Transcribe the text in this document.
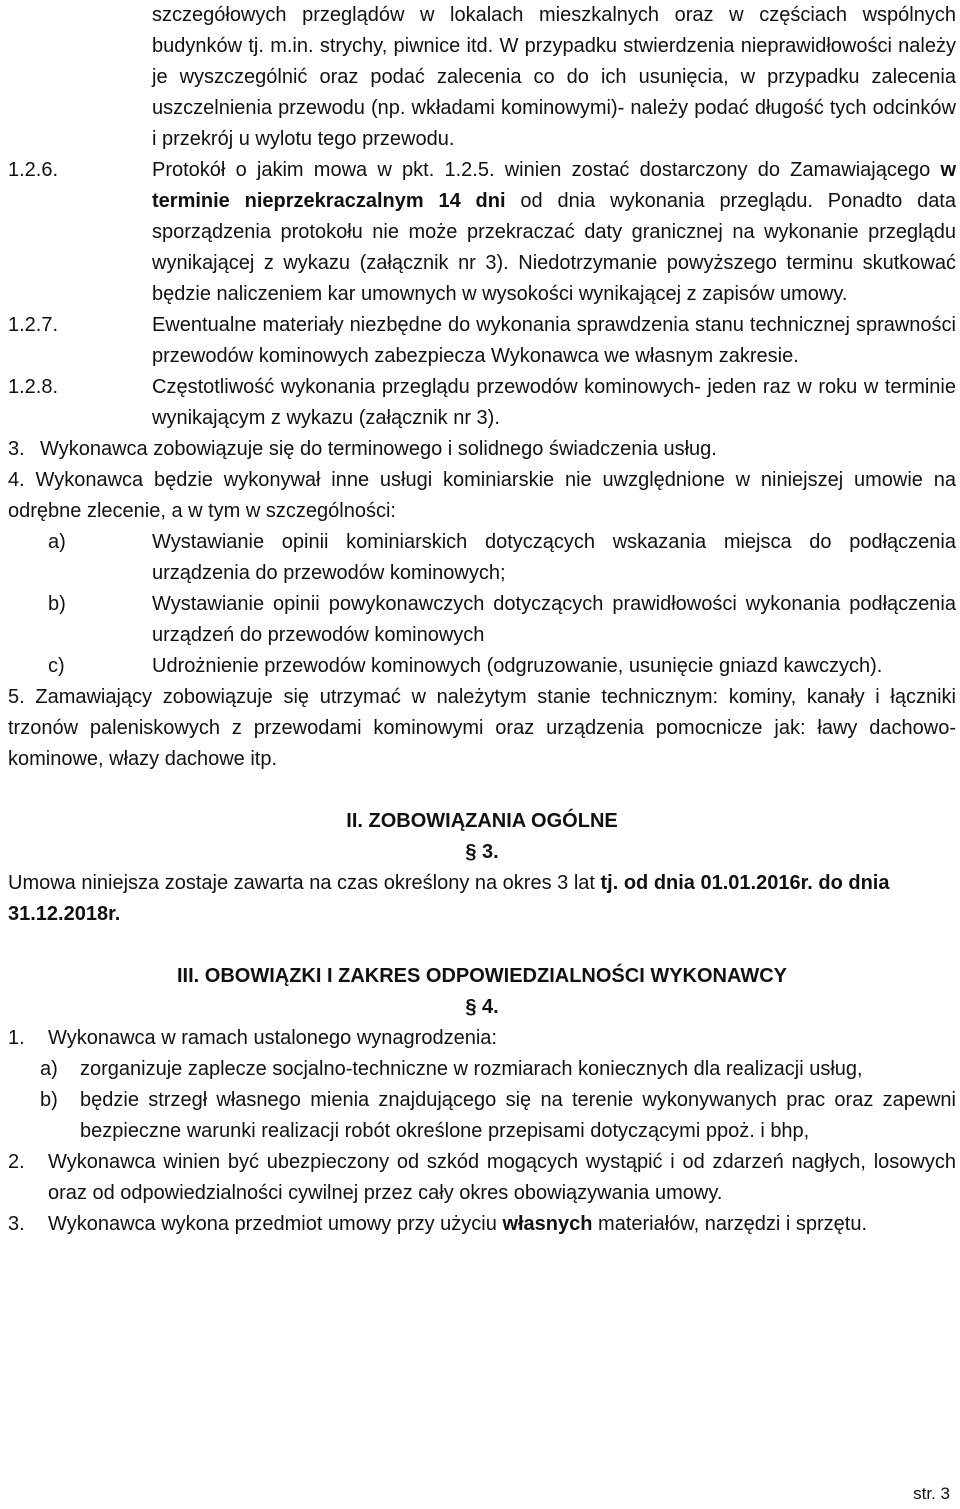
szczegółowych przeglądów w lokalach mieszkalnych oraz w częściach wspólnych budynków tj. m.in. strychy, piwnice itd. W przypadku stwierdzenia nieprawidłowości należy je wyszczególnić oraz podać zalecenia co do ich usunięcia, w przypadku zalecenia uszczelnienia przewodu (np. wkładami kominowymi)- należy podać długość tych odcinków i przekrój u wylotu tego przewodu.

1.2.6.	Protokół o jakim mowa w pkt. 1.2.5. winien zostać dostarczony do Zamawiającego w terminie nieprzekraczalnym 14 dni od dnia wykonania przeglądu. Ponadto data sporządzenia protokołu nie może przekraczać daty granicznej na wykonanie przeglądu wynikającej z wykazu (załącznik nr 3). Niedotrzymanie powyższego terminu skutkować będzie naliczeniem kar umownych w wysokości wynikającej z zapisów umowy.

1.2.7.	Ewentualne materiały niezbędne do wykonania sprawdzenia stanu technicznej sprawności przewodów kominowych zabezpiecza Wykonawca we własnym zakresie.

1.2.8.	Częstotliwość wykonania przeglądu przewodów kominowych- jeden raz w roku w terminie wynikającym z wykazu (załącznik nr 3).

3. Wykonawca zobowiązuje się do terminowego i solidnego świadczenia usług.

4. Wykonawca będzie wykonywał inne usługi kominiarskie nie uwzględnione w niniejszej umowie na odrębne zlecenie, a w tym w szczególności:

a)	Wystawianie opinii kominiarskich dotyczących wskazania miejsca do podłączenia urządzenia do przewodów kominowych;

b)	Wystawianie opinii powykonawczych dotyczących prawidłowości wykonania podłączenia urządzeń do przewodów kominowych

c)	Udrożnienie przewodów kominowych (odgruzowanie, usunięcie gniazd kawczych).

5. Zamawiający zobowiązuje się utrzymać w należytym stanie technicznym: kominy, kanały i łączniki trzonów paleniskowych z przewodami kominowymi oraz urządzenia pomocnicze jak: ławy dachowo- kominowe, włazy dachowe itp.

II. ZOBOWIĄZANIA OGÓLNE

§ 3.

Umowa niniejsza zostaje zawarta na czas określony na okres 3 lat tj. od dnia 01.01.2016r. do dnia 31.12.2018r.

III. OBOWIĄZKI I ZAKRES ODPOWIEDZIALNOŚCI WYKONAWCY

§ 4.

1. Wykonawca w ramach ustalonego wynagrodzenia:

a) zorganizuje zaplecze socjalno-techniczne w rozmiarach koniecznych dla realizacji usług,

b) będzie strzegł własnego mienia znajdującego się na terenie wykonywanych prac oraz zapewni bezpieczne warunki realizacji robót określone przepisami dotyczącymi ppoż. i bhp,

2. Wykonawca winien być ubezpieczony od szkód mogących wystąpić i od zdarzeń nagłych, losowych oraz od odpowiedzialności cywilnej przez cały okres obowiązywania umowy.

3. Wykonawca wykona przedmiot umowy przy użyciu własnych materiałów, narzędzi i sprzętu.

str. 3
